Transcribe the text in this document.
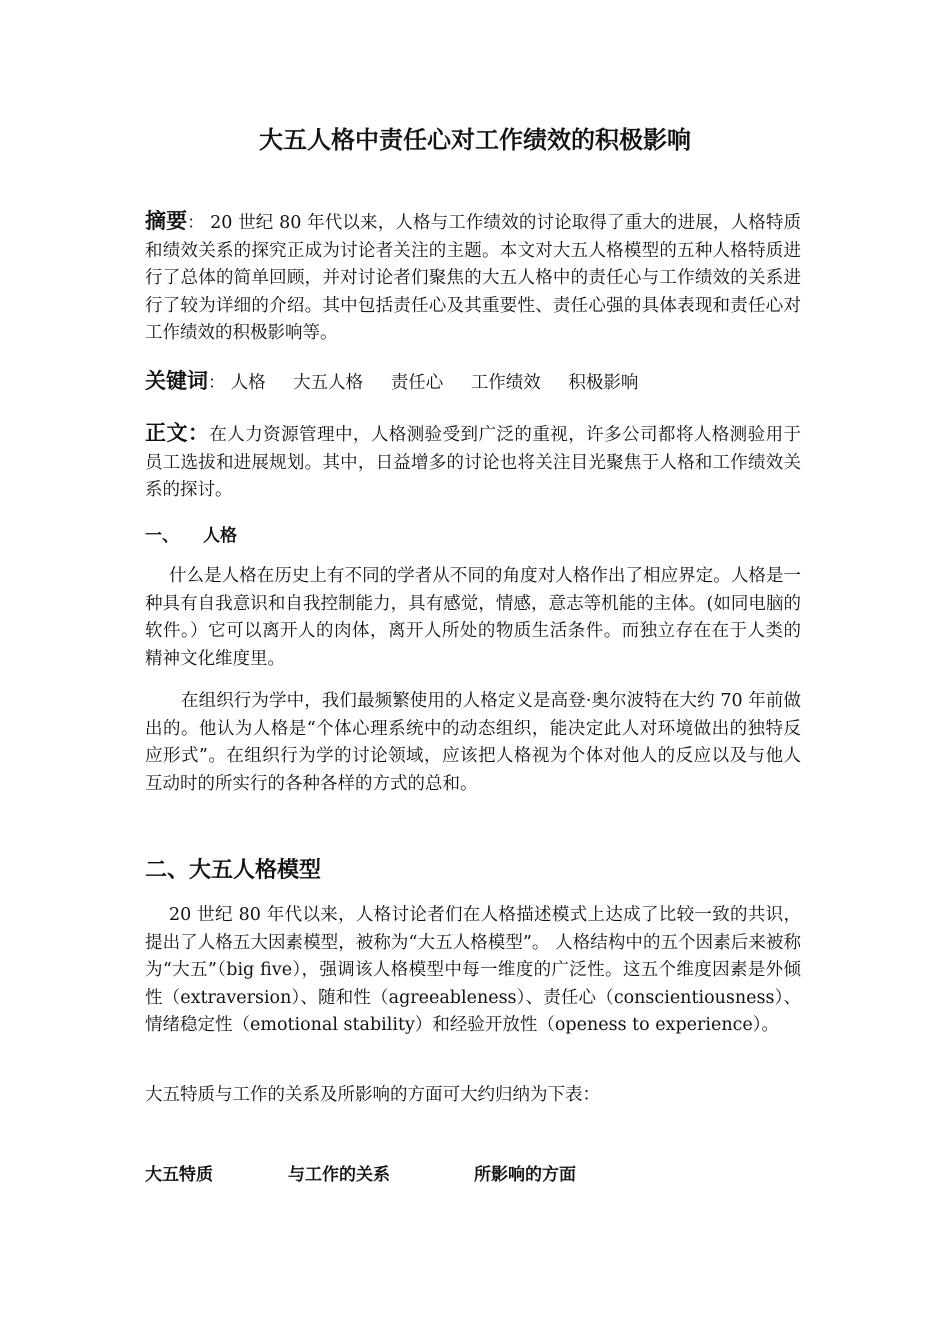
大五人格中责任心对工作绩效的积极影响
摘要： 20 世纪 80 年代以来，人格与工作绩效的讨论取得了重大的进展，人格特质和绩效关系的探究正成为讨论者关注的主题。本文对大五人格模型的五种人格特质进行了总体的简单回顾，并对讨论者们聚焦的大五人格中的责任心与工作绩效的关系进行了较为详细的介绍。其中包括责任心及其重要性、责任心强的具体表现和责任心对工作绩效的积极影响等。
关键词： 人格 大五人格 责任心 工作绩效 积极影响
正文：在人力资源管理中，人格测验受到广泛的重视，许多公司都将人格测验用于员工选拔和进展规划。其中，日益增多的讨论也将关注目光聚焦于人格和工作绩效关系的探讨。
一、 人格
什么是人格在历史上有不同的学者从不同的角度对人格作出了相应界定。人格是一种具有自我意识和自我控制能力，具有感觉，情感，意志等机能的主体。(如同电脑的软件。）它可以离开人的肉体，离开人所处的物质生活条件。而独立存在在于人类的精神文化维度里。
在组织行为学中，我们最频繁使用的人格定义是高登·奥尔波特在大约 70 年前做出的。他认为人格是“个体心理系统中的动态组织，能决定此人对环境做出的独特反应形式”。在组织行为学的讨论领域，应该把人格视为个体对他人的反应以及与他人互动时的所实行的各种各样的方式的总和。
二、大五人格模型
20 世纪 80 年代以来，人格讨论者们在人格描述模式上达成了比较一致的共识，提出了人格五大因素模型，被称为“大五人格模型”。 人格结构中的五个因素后来被称为“大五”（big five），强调该人格模型中每一维度的广泛性。这五个维度因素是外倾性（extraversion）、随和性（agreeableness）、责任心（conscientiousness）、情绪稳定性（emotional stability）和经验开放性（openess to experience）。
大五特质与工作的关系及所影响的方面可大约归纳为下表：
大五特质	与工作的关系	所影响的方面
